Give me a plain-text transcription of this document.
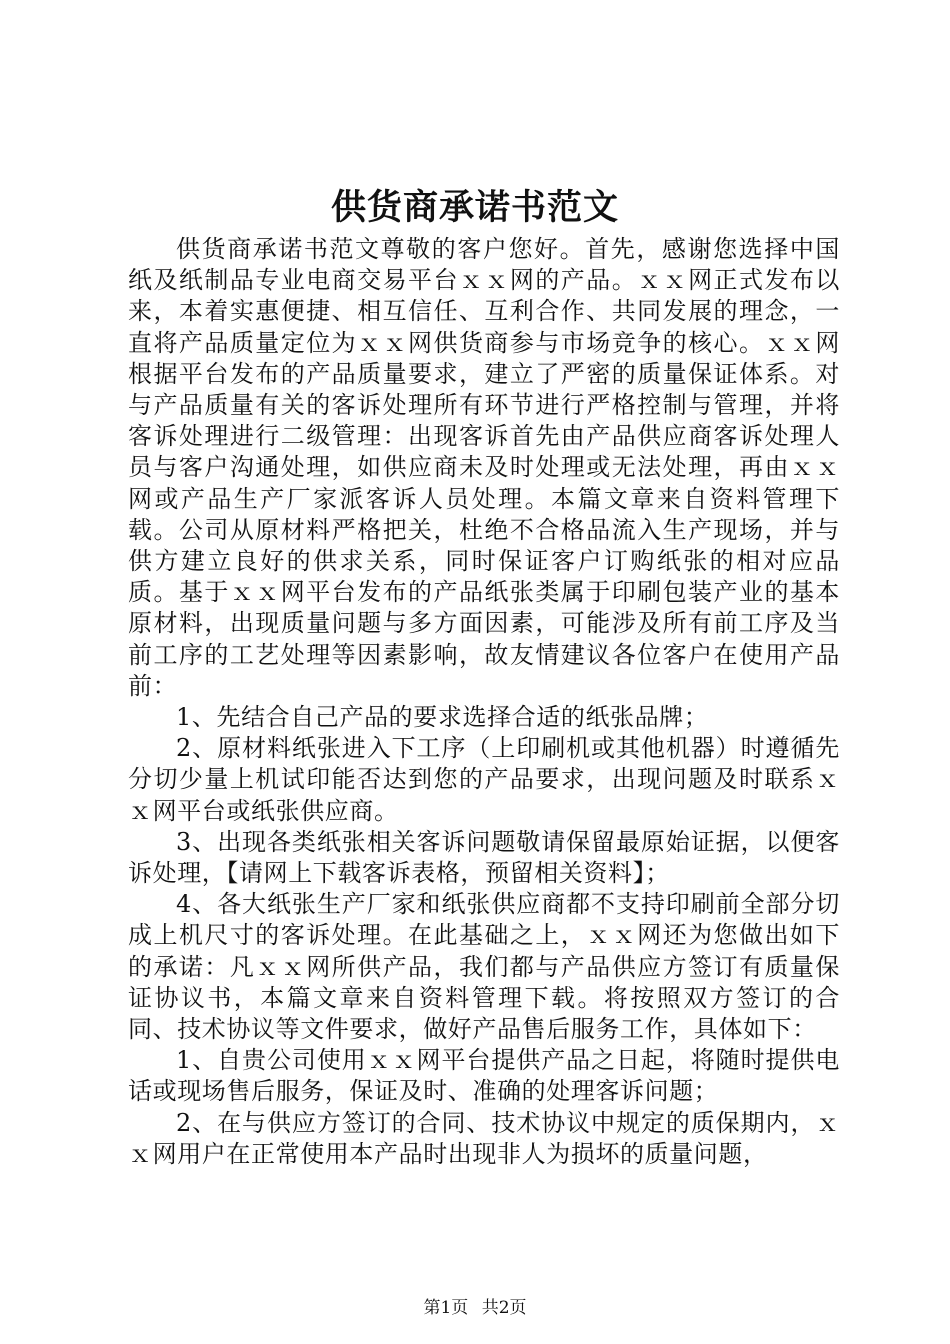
供货商承诺书范文

供货商承诺书范文尊敬的客户您好。首先，感谢您选择中国纸及纸制品专业电商交易平台ｘｘ网的产品。ｘｘ网正式发布以来，本着实惠便捷、相互信任、互利合作、共同发展的理念，一直将产品质量定位为ｘｘ网供货商参与市场竞争的核心。ｘｘ网根据平台发布的产品质量要求，建立了严密的质量保证体系。对与产品质量有关的客诉处理所有环节进行严格控制与管理，并将客诉处理进行二级管理：出现客诉首先由产品供应商客诉处理人员与客户沟通处理，如供应商未及时处理或无法处理，再由ｘｘ网或产品生产厂家派客诉人员处理。本篇文章来自资料管理下载。公司从原材料严格把关，杜绝不合格品流入生产现场，并与供方建立良好的供求关系，同时保证客户订购纸张的相对应品质。基于ｘｘ网平台发布的产品纸张类属于印刷包装产业的基本原材料，出现质量问题与多方面因素，可能涉及所有前工序及当前工序的工艺处理等因素影响，故友情建议各位客户在使用产品前：

1、先结合自己产品的要求选择合适的纸张品牌；

2、原材料纸张进入下工序（上印刷机或其他机器）时遵循先分切少量上机试印能否达到您的产品要求，出现问题及时联系ｘｘ网平台或纸张供应商。

3、出现各类纸张相关客诉问题敬请保留最原始证据，以便客诉处理，【请网上下载客诉表格，预留相关资料】；

4、各大纸张生产厂家和纸张供应商都不支持印刷前全部分切成上机尺寸的客诉处理。在此基础之上，ｘｘ网还为您做出如下的承诺：凡ｘｘ网所供产品，我们都与产品供应方签订有质量保证协议书，本篇文章来自资料管理下载。将按照双方签订的合同、技术协议等文件要求，做好产品售后服务工作，具体如下：

1、自贵公司使用ｘｘ网平台提供产品之日起，将随时提供电话或现场售后服务，保证及时、准确的处理客诉问题；

2、在与供应方签订的合同、技术协议中规定的质保期内，ｘｘ网用户在正常使用本产品时出现非人为损坏的质量问题，

第1页 共2页
